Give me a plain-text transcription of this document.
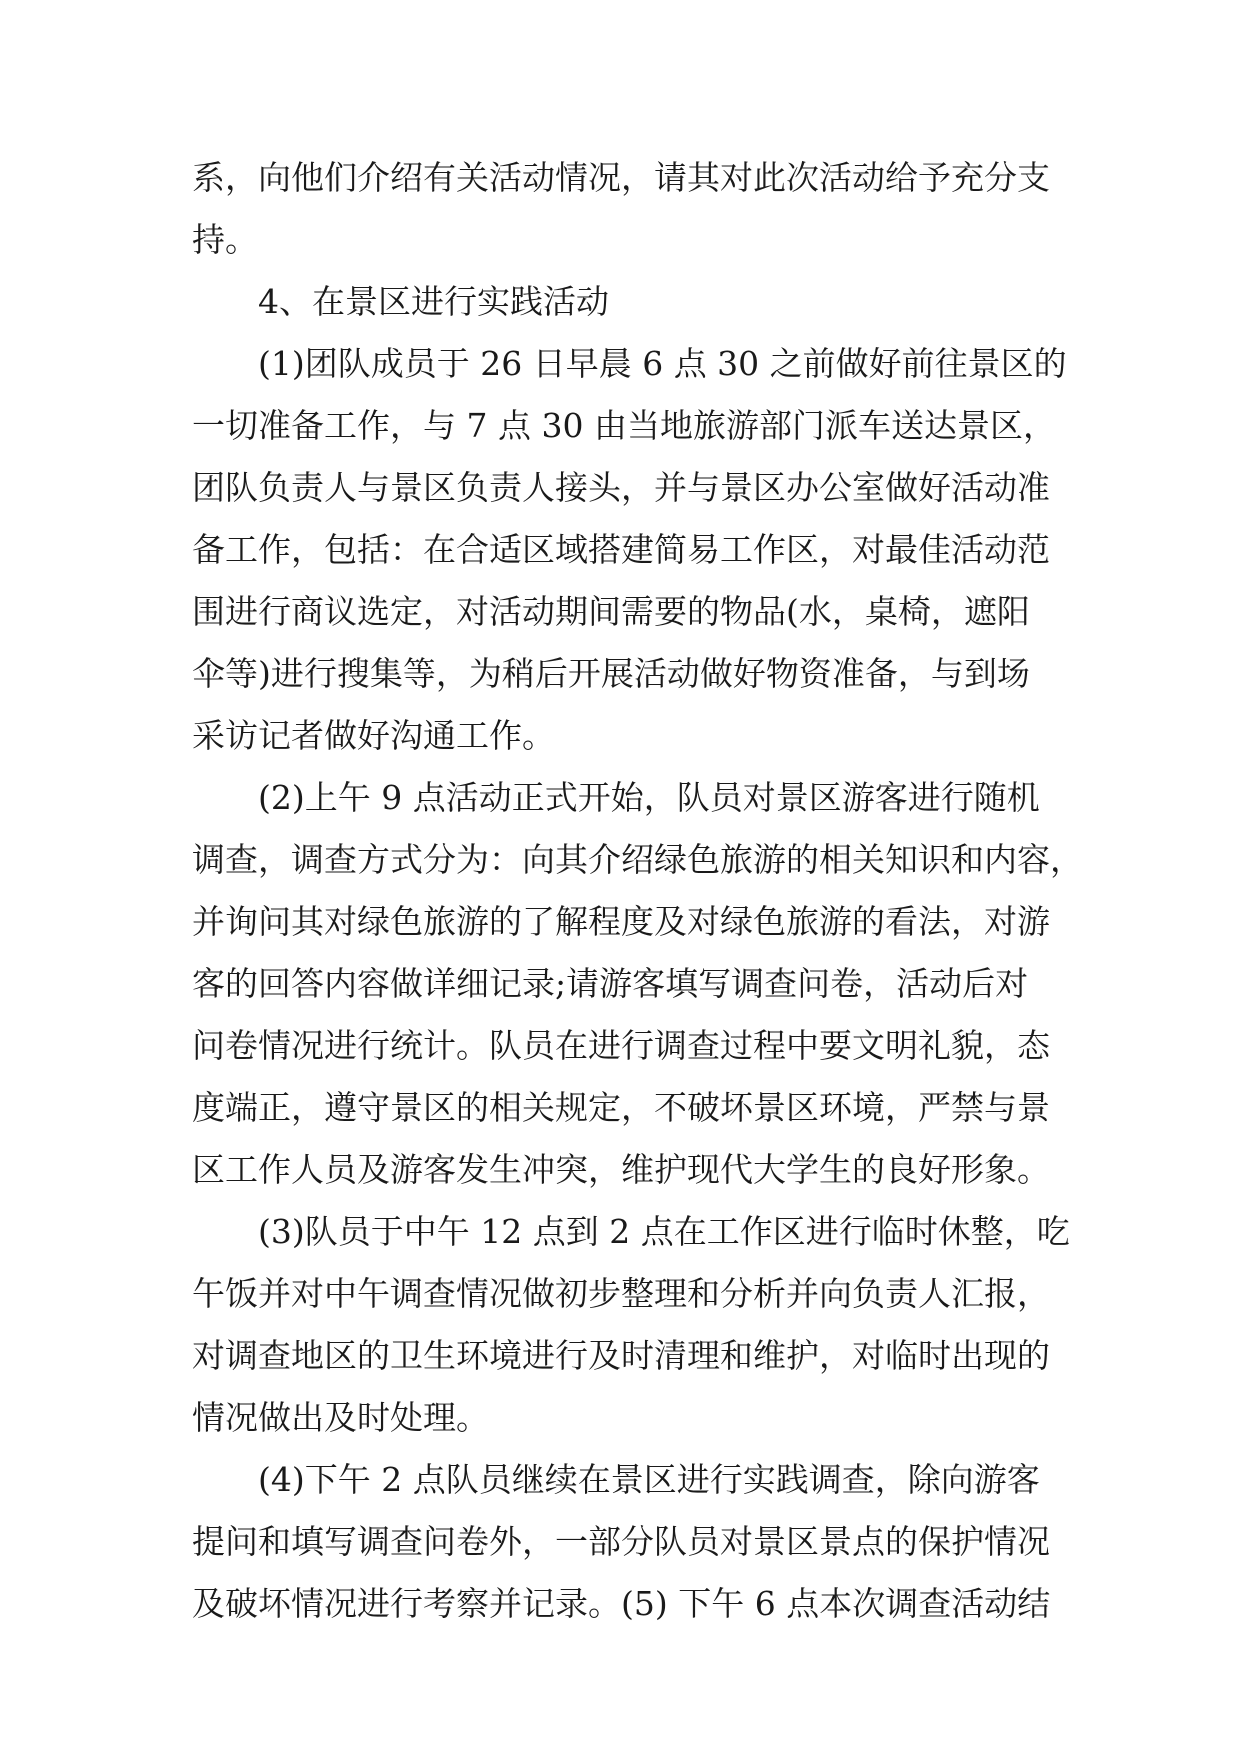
系，向他们介绍有关活动情况，请其对此次活动给予充分支
持。
4、在景区进行实践活动
(1)团队成员于 26 日早晨 6 点 30 之前做好前往景区的
一切准备工作，与 7 点 30 由当地旅游部门派车送达景区，
团队负责人与景区负责人接头，并与景区办公室做好活动准
备工作，包括：在合适区域搭建简易工作区，对最佳活动范
围进行商议选定，对活动期间需要的物品(水，桌椅，遮阳
伞等)进行搜集等，为稍后开展活动做好物资准备，与到场
采访记者做好沟通工作。
(2)上午 9 点活动正式开始，队员对景区游客进行随机
调查，调查方式分为：向其介绍绿色旅游的相关知识和内容，
并询问其对绿色旅游的了解程度及对绿色旅游的看法，对游
客的回答内容做详细记录;请游客填写调查问卷，活动后对
问卷情况进行统计。队员在进行调查过程中要文明礼貌，态
度端正，遵守景区的相关规定，不破坏景区环境，严禁与景
区工作人员及游客发生冲突，维护现代大学生的良好形象。
(3)队员于中午 12 点到 2 点在工作区进行临时休整，吃
午饭并对中午调查情况做初步整理和分析并向负责人汇报，
对调查地区的卫生环境进行及时清理和维护，对临时出现的
情况做出及时处理。
(4)下午 2 点队员继续在景区进行实践调查，除向游客
提问和填写调查问卷外，一部分队员对景区景点的保护情况
及破坏情况进行考察并记录。(5) 下午 6 点本次调查活动结
